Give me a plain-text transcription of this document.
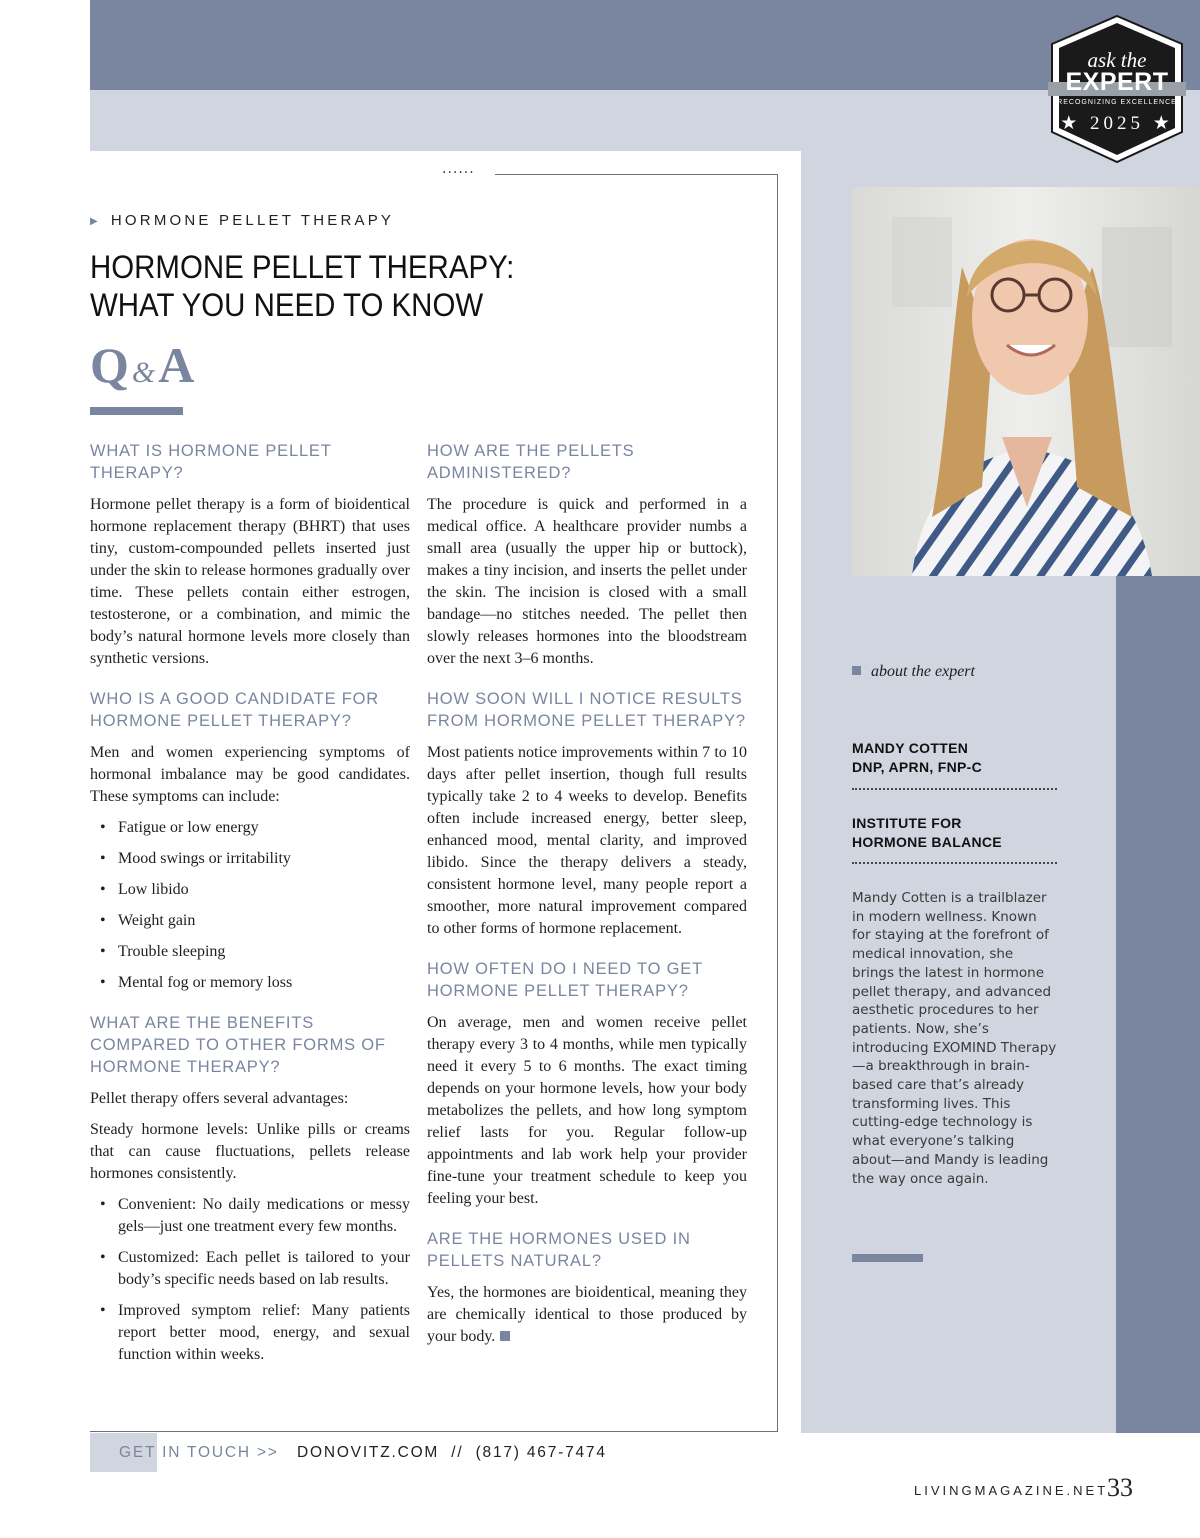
······
ask the
EXPERT
RECOGNIZING EXCELLENCE
★ 2025 ★
▶ HORMONE PELLET THERAPY
HORMONE PELLET THERAPY:
WHAT YOU NEED TO KNOW
Q&A
WHAT IS HORMONE PELLET THERAPY?
Hormone pellet therapy is a form of bioidentical hormone replacement therapy (BHRT) that uses tiny, custom-compounded pellets inserted just under the skin to release hormones gradually over time. These pellets contain either estrogen, testosterone, or a combination, and mimic the body’s natural hormone levels more closely than synthetic versions.
WHO IS A GOOD CANDIDATE FOR HORMONE PELLET THERAPY?
Men and women experiencing symptoms of hormonal imbalance may be good candidates. These symptoms can include:
• Fatigue or low energy
• Mood swings or irritability
• Low libido
• Weight gain
• Trouble sleeping
• Mental fog or memory loss
WHAT ARE THE BENEFITS COMPARED TO OTHER FORMS OF HORMONE THERAPY?
Pellet therapy offers several advantages:
Steady hormone levels: Unlike pills or creams that can cause fluctuations, pellets release hormones consistently.
• Convenient: No daily medications or messy gels—just one treatment every few months.
• Customized: Each pellet is tailored to your body’s specific needs based on lab results.
• Improved symptom relief: Many patients report better mood, energy, and sexual function within weeks.
HOW ARE THE PELLETS ADMINISTERED?
The procedure is quick and performed in a medical office. A healthcare provider numbs a small area (usually the upper hip or buttock), makes a tiny incision, and inserts the pellet under the skin. The incision is closed with a small bandage—no stitches needed. The pellet then slowly releases hormones into the bloodstream over the next 3–6 months.
HOW SOON WILL I NOTICE RESULTS FROM HORMONE PELLET THERAPY?
Most patients notice improvements within 7 to 10 days after pellet insertion, though full results typically take 2 to 4 weeks to develop. Benefits often include increased energy, better sleep, enhanced mood, mental clarity, and improved libido. Since the therapy delivers a steady, consistent hormone level, many people report a smoother, more natural improvement compared to other forms of hormone replacement.
HOW OFTEN DO I NEED TO GET HORMONE PELLET THERAPY?
On average, men and women receive pellet therapy every 3 to 4 months, while men typically need it every 5 to 6 months. The exact timing depends on your hormone levels, how your body metabolizes the pellets, and how long symptom relief lasts for you. Regular follow-up appointments and lab work help your provider fine-tune your treatment schedule to keep you feeling your best.
ARE THE HORMONES USED IN PELLETS NATURAL?
Yes, the hormones are bioidentical, meaning they are chemically identical to those produced by your body.
about the expert
MANDY COTTEN
DNP, APRN, FNP-C
INSTITUTE FOR
HORMONE BALANCE
Mandy Cotten is a trailblazer in modern wellness. Known for staying at the forefront of medical innovation, she brings the latest in hormone pellet therapy, and advanced aesthetic procedures to her patients. Now, she’s introducing EXOMIND Therapy—a breakthrough in brain-based care that’s already transforming lives. This cutting-edge technology is what everyone’s talking about—and Mandy is leading the way once again.
GET IN TOUCH >> DONOVITZ.COM // (817) 467-7474
LIVINGMAGAZINE.NET
33
